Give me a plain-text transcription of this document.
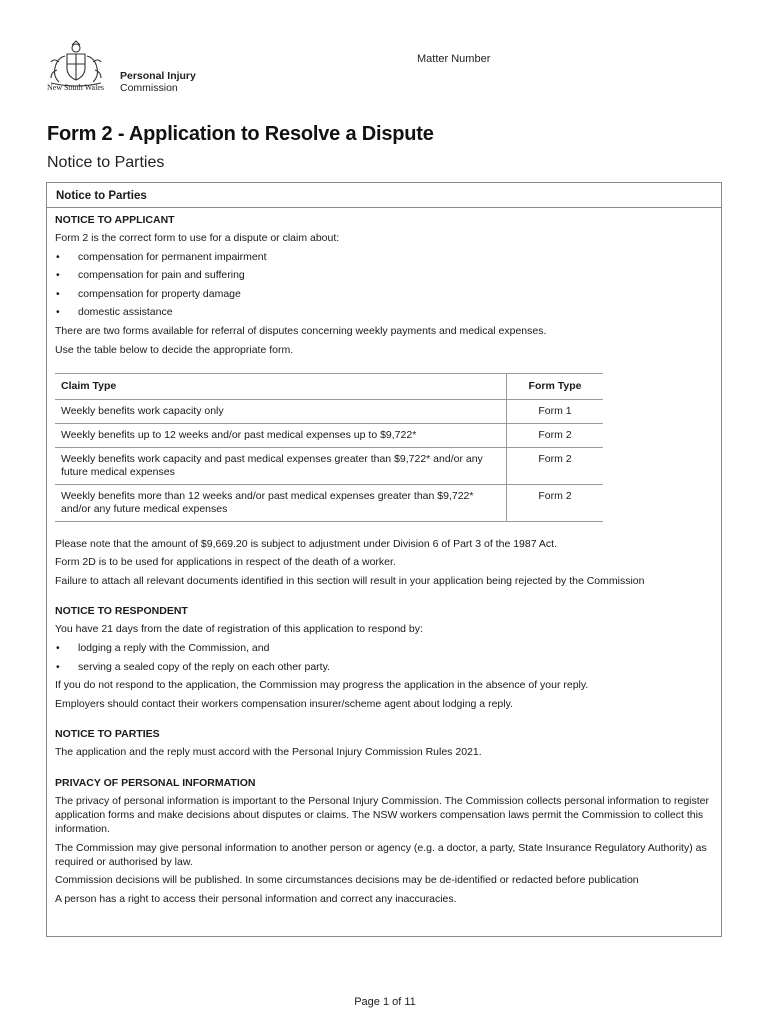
New South Wales
Personal Injury
Commission
Matter Number
Form 2 - Application to Resolve a Dispute
Notice to Parties
Notice to Parties
NOTICE TO APPLICANT
Form 2 is the correct form to use for a dispute or claim about:
• compensation for permanent impairment
• compensation for pain and suffering
• compensation for property damage
• domestic assistance
There are two forms available for referral of disputes concerning weekly payments and medical expenses.
Use the table below to decide the appropriate form.
Claim Type	Form Type
Weekly benefits work capacity only	Form 1
Weekly benefits up to 12 weeks and/or past medical expenses up to $9,722*	Form 2
Weekly benefits work capacity and past medical expenses greater than $9,722* and/or any future medical expenses	Form 2
Weekly benefits more than 12 weeks and/or past medical expenses greater than $9,722* and/or any future medical expenses	Form 2
Please note that the amount of $9,669.20 is subject to adjustment under Division 6 of Part 3 of the 1987 Act.
Form 2D is to be used for applications in respect of the death of a worker.
Failure to attach all relevant documents identified in this section will result in your application being rejected by the Commission
NOTICE TO RESPONDENT
You have 21 days from the date of registration of this application to respond by:
• lodging a reply with the Commission, and
• serving a sealed copy of the reply on each other party.
If you do not respond to the application, the Commission may progress the application in the absence of your reply.
Employers should contact their workers compensation insurer/scheme agent about lodging a reply.
NOTICE TO PARTIES
The application and the reply must accord with the Personal Injury Commission Rules 2021.
PRIVACY OF PERSONAL INFORMATION
The privacy of personal information is important to the Personal Injury Commission. The Commission collects personal information to register application forms and make decisions about disputes or claims. The NSW workers compensation laws permit the Commission to collect this information.
The Commission may give personal information to another person or agency (e.g. a doctor, a party, State Insurance Regulatory Authority) as required or authorised by law.
Commission decisions will be published. In some circumstances decisions may be de-identified or redacted before publication
A person has a right to access their personal information and correct any inaccuracies.
Page 1 of 11
